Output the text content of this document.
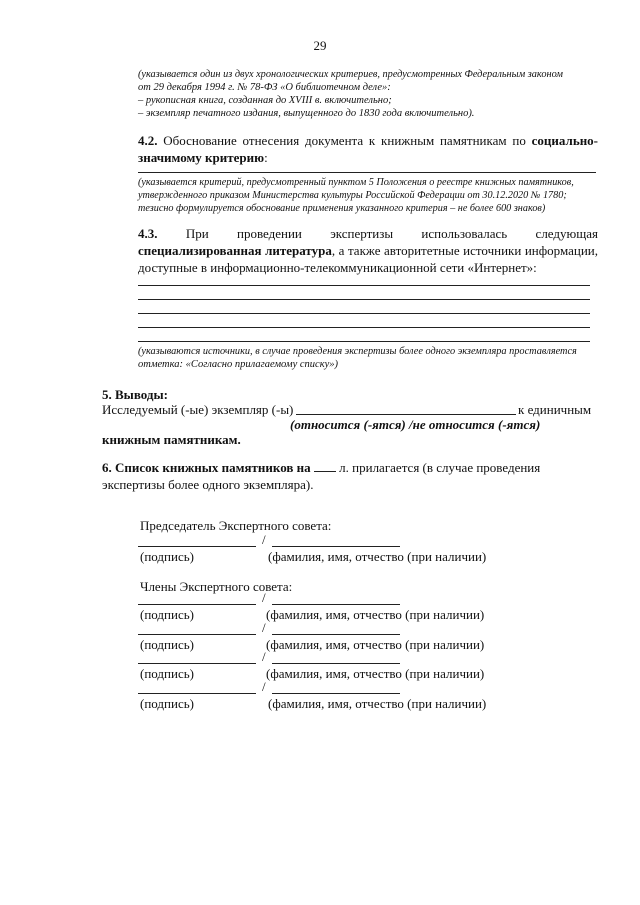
29
(указывается один из двух хронологических критериев, предусмотренных Федеральным законом
от 29 декабря 1994 г. № 78-ФЗ «О библиотечном деле»:
– рукописная книга, созданная до XVIII в. включительно;
– экземпляр печатного издания, выпущенного до 1830 года включительно).
4.2. Обоснование отнесения документа к книжным памятникам по социально-значимому критерию:
(указывается критерий, предусмотренный пунктом 5 Положения о реестре книжных памятников,
утвержденного приказом Министерства культуры Российской Федерации от 30.12.2020 № 1780;
тезисно формулируется обоснование применения указанного критерия – не более 600 знаков)
4.3. При проведении экспертизы использовалась следующая специализированная литература, а также авторитетные источники информации, доступные в информационно-телекоммуникационной сети «Интернет»:
(указываются источники, в случае проведения экспертизы более одного экземпляра проставляется
отметка: «Согласно прилагаемому списку»)
5. Выводы:
Исследуемый (-ые) экземпляр (-ы)	к единичным
(относится (-ятся) /не относится (-ятся)
книжным памятникам.
6. Список книжных памятников на л. прилагается (в случае проведения экспертизы более одного экземпляра).
Председатель Экспертного совета:
/
(подпись)	(фамилия, имя, отчество (при наличии)
Члены Экспертного совета:
/
(подпись)	(фамилия, имя, отчество (при наличии)
/
(подпись)	(фамилия, имя, отчество (при наличии)
/
(подпись)	(фамилия, имя, отчество (при наличии)
/
(подпись)	(фамилия, имя, отчество (при наличии)
